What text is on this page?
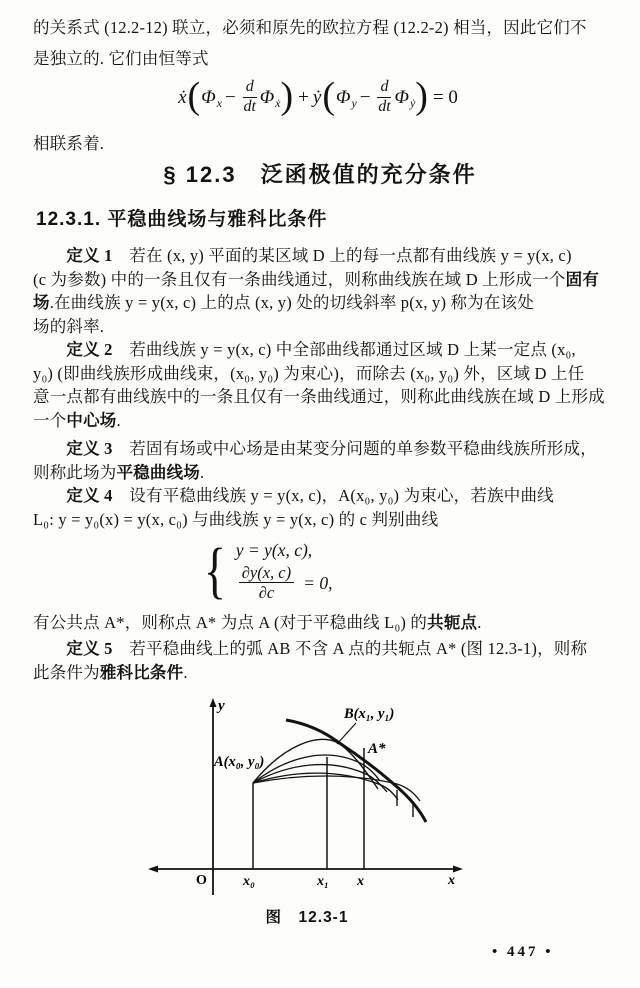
的关系式 (12.2-12) 联立，必须和原先的欧拉方程 (12.2-2) 相当，因此它们不
是独立的. 它们由恒等式
$ẋ(\Phi_x - \frac{d}{dt} \Phi_ẋ)$ + $ẏ(\Phi_y - \frac{d}{dt} \Phi_ẏ) = 0$
相联系着.
§ 12.3　泛函极值的充分条件
12.3.1. 平稳曲线场与雅科比条件
　　定义 1　若在 (x, y) 平面的某区域 D 上的每一点都有曲线族 y = y(x, c)
(c 为参数) 中的一条且仅有一条曲线通过，则称曲线族在域 D 上形成一个固有
场.在曲线族 y = y(x, c) 上的点 (x, y) 处的切线斜率 p(x, y) 称为在该处
场的斜率.
　　定义 2　若曲线族 y = y(x, c) 中全部曲线都通过区域 D 上某一定点 (x₀,
y₀) (即曲线族形成曲线束，(x₀, y₀) 为束心)，而除去 (x₀, y₀) 外，区域 D 上任
意一点都有曲线族中的一条且仅有一条曲线通过，则称此曲线族在域 D 上形成
一个中心场.
　　定义 3　若固有场或中心场是由某变分问题的单参数平稳曲线族所形成，
则称此场为平稳曲线场.
　　定义 4　设有平稳曲线族 y = y(x, c)，A(x₀, y₀) 为束心，若族中曲线
L₀: y = y₀(x) = y(x, c₀) 与曲线族 y = y(x, c) 的 c 判别曲线
{ y = y(x, c),
$\frac{\partial y(x, c)}{\partial c} = 0$,
有公共点 A*，则称点 A* 为点 A (对于平稳曲线 L₀) 的共轭点.
　　定义 5　若平稳曲线上的弧 AB 不含 A 点的共轭点 A* (图 12.3-1)，则称
此条件为雅科比条件.
y
O
A(x₀, y₀)
B(x₁, y₁)
A*
x₀	x₁ x	x
图　12.3-1
• 447 •
